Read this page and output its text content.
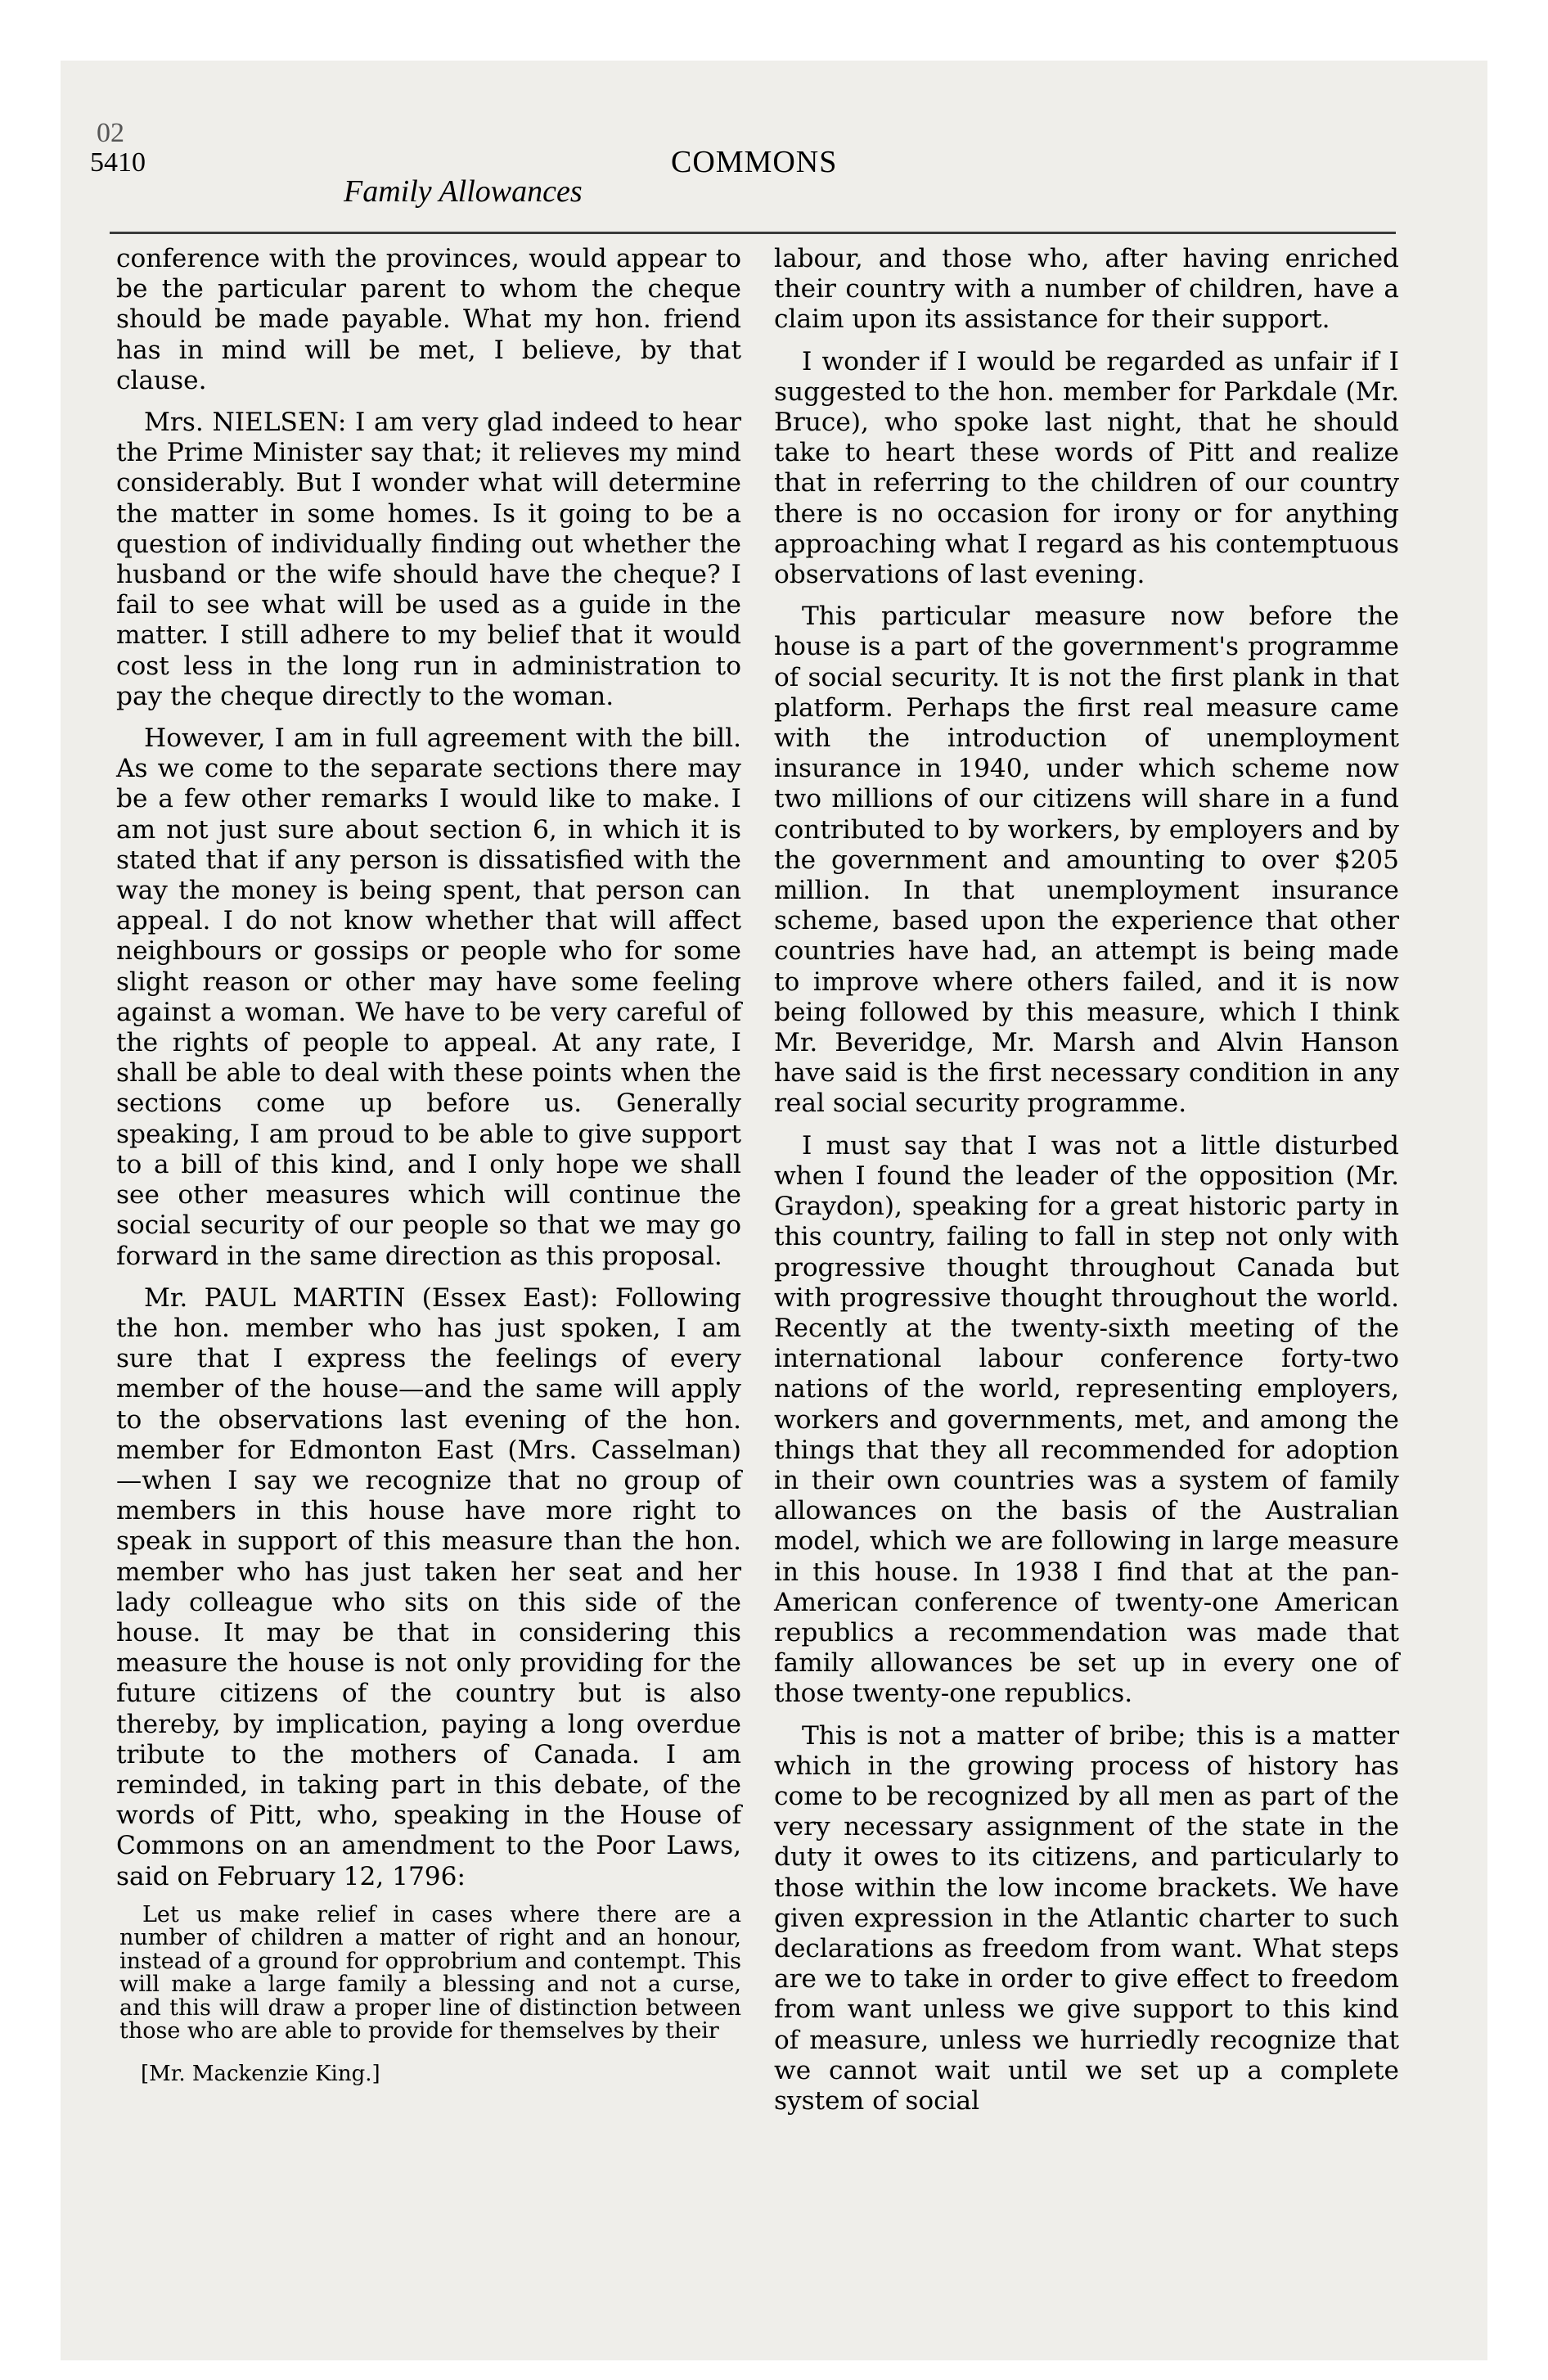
02
5410
Family Allowances
COMMONS

conference with the provinces, would appear to be the particular parent to whom the cheque should be made payable. What my hon. friend has in mind will be met, I believe, by that clause.

Mrs. NIELSEN: I am very glad indeed to hear the Prime Minister say that; it relieves my mind considerably. But I wonder what will determine the matter in some homes. Is it going to be a question of individually finding out whether the husband or the wife should have the cheque? I fail to see what will be used as a guide in the matter. I still adhere to my belief that it would cost less in the long run in administration to pay the cheque directly to the woman.

However, I am in full agreement with the bill. As we come to the separate sections there may be a few other remarks I would like to make. I am not just sure about section 6, in which it is stated that if any person is dissatisfied with the way the money is being spent, that person can appeal. I do not know whether that will affect neighbours or gossips or people who for some slight reason or other may have some feeling against a woman. We have to be very careful of the rights of people to appeal. At any rate, I shall be able to deal with these points when the sections come up before us. Generally speaking, I am proud to be able to give support to a bill of this kind, and I only hope we shall see other measures which will continue the social security of our people so that we may go forward in the same direction as this proposal.

Mr. PAUL MARTIN (Essex East): Following the hon. member who has just spoken, I am sure that I express the feelings of every member of the house—and the same will apply to the observations last evening of the hon. member for Edmonton East (Mrs. Casselman) —when I say we recognize that no group of members in this house have more right to speak in support of this measure than the hon. member who has just taken her seat and her lady colleague who sits on this side of the house. It may be that in considering this measure the house is not only providing for the future citizens of the country but is also thereby, by implication, paying a long overdue tribute to the mothers of Canada. I am reminded, in taking part in this debate, of the words of Pitt, who, speaking in the House of Commons on an amendment to the Poor Laws, said on February 12, 1796:

Let us make relief in cases where there are a number of children a matter of right and an honour, instead of a ground for opprobrium and contempt. This will make a large family a blessing and not a curse, and this will draw a proper line of distinction between those who are able to provide for themselves by their

[Mr. Mackenzie King.]

labour, and those who, after having enriched their country with a number of children, have a claim upon its assistance for their support.

I wonder if I would be regarded as unfair if I suggested to the hon. member for Parkdale (Mr. Bruce), who spoke last night, that he should take to heart these words of Pitt and realize that in referring to the children of our country there is no occasion for irony or for anything approaching what I regard as his contemptuous observations of last evening.

This particular measure now before the house is a part of the government's programme of social security. It is not the first plank in that platform. Perhaps the first real measure came with the introduction of unemployment insurance in 1940, under which scheme now two millions of our citizens will share in a fund contributed to by workers, by employers and by the government and amounting to over $205 million. In that unemployment insurance scheme, based upon the experience that other countries have had, an attempt is being made to improve where others failed, and it is now being followed by this measure, which I think Mr. Beveridge, Mr. Marsh and Alvin Hanson have said is the first necessary condition in any real social security programme.

I must say that I was not a little disturbed when I found the leader of the opposition (Mr. Graydon), speaking for a great historic party in this country, failing to fall in step not only with progressive thought throughout Canada but with progressive thought throughout the world. Recently at the twenty-sixth meeting of the international labour conference forty-two nations of the world, representing employers, workers and governments, met, and among the things that they all recommended for adoption in their own countries was a system of family allowances on the basis of the Australian model, which we are following in large measure in this house. In 1938 I find that at the pan-American conference of twenty-one American republics a recommendation was made that family allowances be set up in every one of those twenty-one republics.

This is not a matter of bribe; this is a matter which in the growing process of history has come to be recognized by all men as part of the very necessary assignment of the state in the duty it owes to its citizens, and particularly to those within the low income brackets. We have given expression in the Atlantic charter to such declarations as freedom from want. What steps are we to take in order to give effect to freedom from want unless we give support to this kind of measure, unless we hurriedly recognize that we cannot wait until we set up a complete system of social
